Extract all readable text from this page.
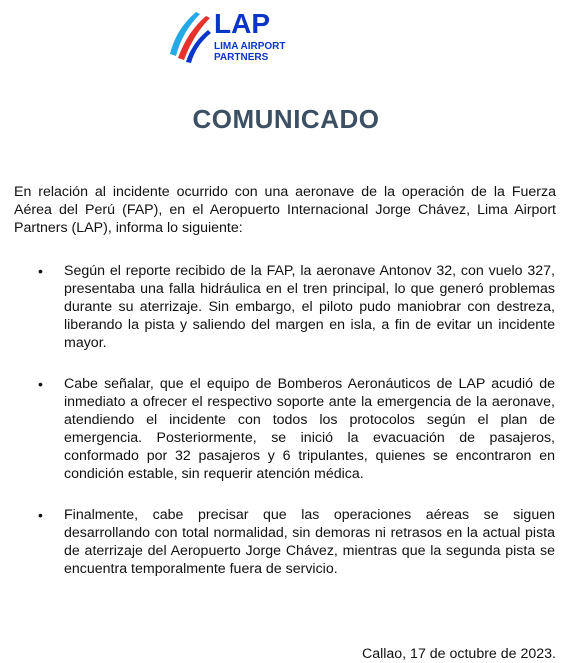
LAP
LIMA AIRPORT
PARTNERS
COMUNICADO

En relación al incidente ocurrido con una aeronave de la operación de la Fuerza Aérea del Perú (FAP), en el Aeropuerto Internacional Jorge Chávez, Lima Airport Partners (LAP), informa lo siguiente:

• Según el reporte recibido de la FAP, la aeronave Antonov 32, con vuelo 327, presentaba una falla hidráulica en el tren principal, lo que generó problemas durante su aterrizaje. Sin embargo, el piloto pudo maniobrar con destreza, liberando la pista y saliendo del margen en isla, a fin de evitar un incidente mayor.
• Cabe señalar, que el equipo de Bomberos Aeronáuticos de LAP acudió de inmediato a ofrecer el respectivo soporte ante la emergencia de la aeronave, atendiendo el incidente con todos los protocolos según el plan de emergencia. Posteriormente, se inició la evacuación de pasajeros, conformado por 32 pasajeros y 6 tripulantes, quienes se encontraron en condición estable, sin requerir atención médica.
• Finalmente, cabe precisar que las operaciones aéreas se siguen desarrollando con total normalidad, sin demoras ni retrasos en la actual pista de aterrizaje del Aeropuerto Jorge Chávez, mientras que la segunda pista se encuentra temporalmente fuera de servicio.
Callao, 17 de octubre de 2023.
